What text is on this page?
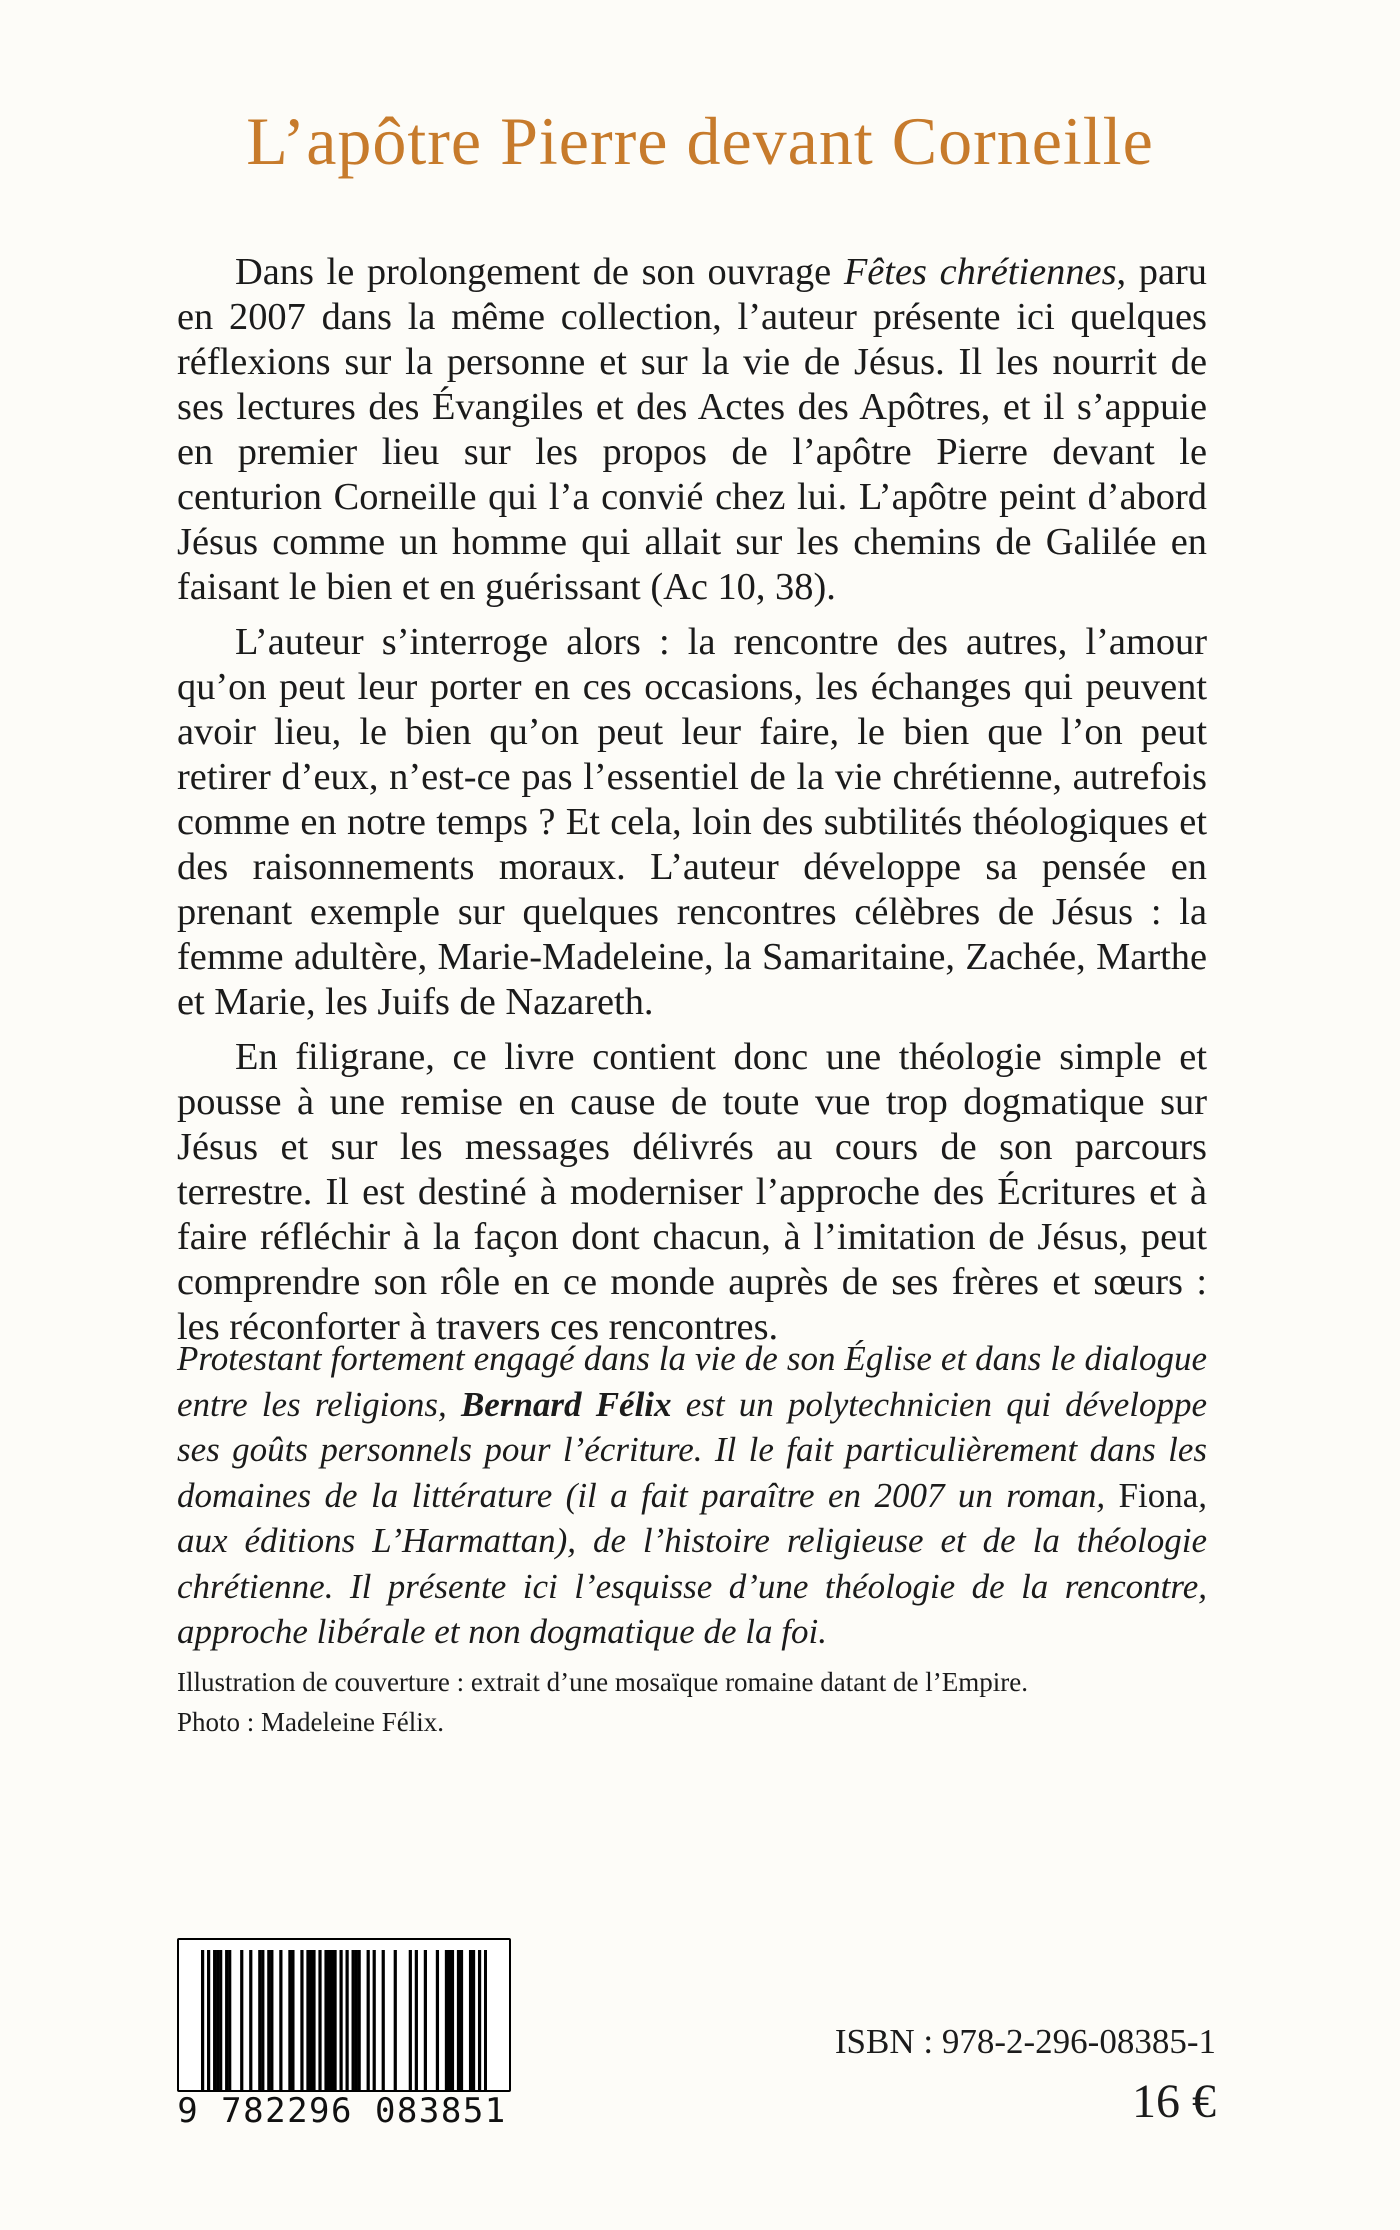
L’apôtre Pierre devant Corneille

Dans le prolongement de son ouvrage Fêtes chrétiennes, paru en 2007 dans la même collection, l’auteur présente ici quelques réflexions sur la personne et sur la vie de Jésus. Il les nourrit de ses lectures des Évangiles et des Actes des Apôtres, et il s’appuie en premier lieu sur les propos de l’apôtre Pierre devant le centurion Corneille qui l’a convié chez lui. L’apôtre peint d’abord Jésus comme un homme qui allait sur les chemins de Galilée en faisant le bien et en guérissant (Ac 10, 38).

L’auteur s’interroge alors : la rencontre des autres, l’amour qu’on peut leur porter en ces occasions, les échanges qui peuvent avoir lieu, le bien qu’on peut leur faire, le bien que l’on peut retirer d’eux, n’est-ce pas l’essentiel de la vie chrétienne, autrefois comme en notre temps ? Et cela, loin des subtilités théologiques et des raisonnements moraux. L’auteur développe sa pensée en prenant exemple sur quelques rencontres célèbres de Jésus : la femme adultère, Marie-Madeleine, la Samaritaine, Zachée, Marthe et Marie, les Juifs de Nazareth.

En filigrane, ce livre contient donc une théologie simple et pousse à une remise en cause de toute vue trop dogmatique sur Jésus et sur les messages délivrés au cours de son parcours terrestre. Il est destiné à moderniser l’approche des Écritures et à faire réfléchir à la façon dont chacun, à l’imitation de Jésus, peut comprendre son rôle en ce monde auprès de ses frères et sœurs : les réconforter à travers ces rencontres.

Protestant fortement engagé dans la vie de son Église et dans le dialogue entre les religions, Bernard Félix est un polytechnicien qui développe ses goûts personnels pour l’écriture. Il le fait particulièrement dans les domaines de la littérature (il a fait paraître en 2007 un roman, Fiona, aux éditions L’Harmattan), de l’histoire religieuse et de la théologie chrétienne. Il présente ici l’esquisse d’une théologie de la rencontre, approche libérale et non dogmatique de la foi.
Illustration de couverture : extrait d’une mosaïque romaine datant de l’Empire.
Photo : Madeleine Félix.
9 782296 083851
ISBN : 978-2-296-08385-1
16 €
